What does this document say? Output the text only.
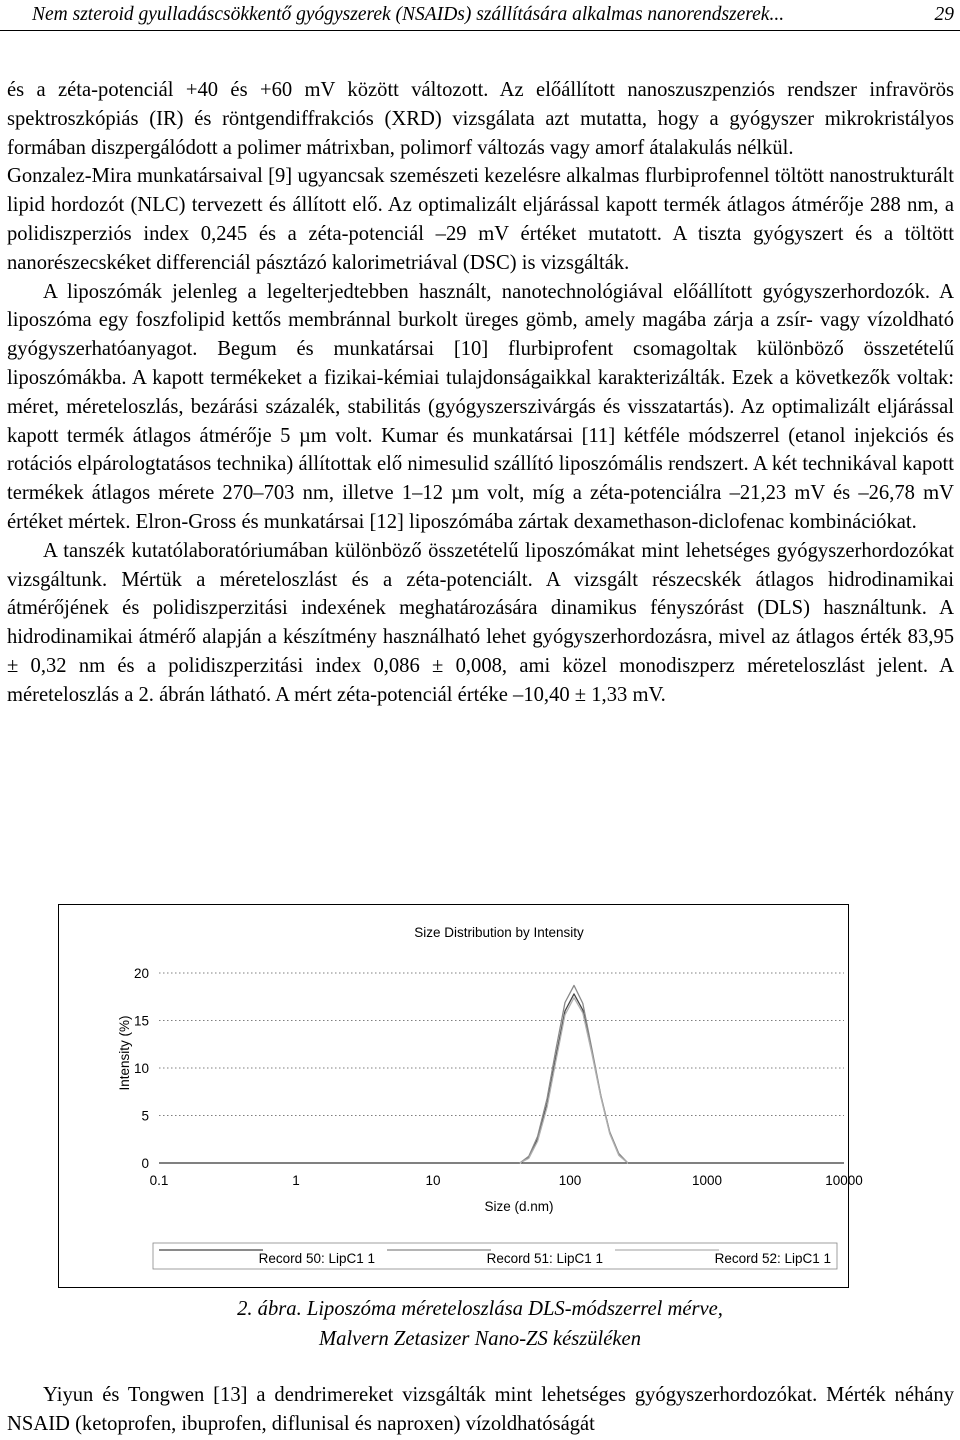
Nem szteroid gyulladáscsökkentő gyógyszerek (NSAIDs) szállítására alkalmas nanorendszerek...	29

és a zéta-potenciál +40 és +60 mV között változott. Az előállított nanoszuszpenziós rendszer infravörös spektroszkópiás (IR) és röntgendiffrakciós (XRD) vizsgálata azt mutatta, hogy a gyógyszer mikrokristályos formában diszpergálódott a polimer mátrixban, polimorf változás vagy amorf átalakulás nélkül.

Gonzalez-Mira munkatársaival [9] ugyancsak szemészeti kezelésre alkalmas flurbiprofennel töltött nanostrukturált lipid hordozót (NLC) tervezett és állított elő. Az optimalizált eljárással kapott termék átlagos átmérője 288 nm, a polidiszperziós index 0,245 és a zéta-potenciál –29 mV értéket mutatott. A tiszta gyógyszert és a töltött nanorészecskéket differenciál pásztázó kalorimetriával (DSC) is vizsgálták.

A liposzómák jelenleg a legelterjedtebben használt, nanotechnológiával előállított gyógyszerhordozók. A liposzóma egy foszfolipid kettős membránnal burkolt üreges gömb, amely magába zárja a zsír- vagy vízoldható gyógyszerhatóanyagot. Begum és munkatársai [10] flurbiprofent csomagoltak különböző összetételű liposzómákba. A kapott termékeket a fizikai-kémiai tulajdonságaikkal karakterizálták. Ezek a következők voltak: méret, méreteloszlás, bezárási százalék, stabilitás (gyógyszerszivárgás és visszatartás). Az optimalizált eljárással kapott termék átlagos átmérője 5 µm volt. Kumar és munkatársai [11] kétféle módszerrel (etanol injekciós és rotációs elpárologtatásos technika) állítottak elő nimesulid szállító liposzómális rendszert. A két technikával kapott termékek átlagos mérete 270–703 nm, illetve 1–12 µm volt, míg a zéta-potenciálra –21,23 mV és –26,78 mV értéket mértek. Elron-Gross és munkatársai [12] liposzómába zártak dexamethason-diclofenac kombinációkat.

A tanszék kutatólaboratóriumában különböző összetételű liposzómákat mint lehetséges gyógyszerhordozókat vizsgáltunk. Mértük a méreteloszlást és a zéta-potenciált. A vizsgált részecskék átlagos hidrodinamikai átmérőjének és polidiszperzitási indexének meghatározására dinamikus fényszórást (DLS) használtunk. A hidrodinamikai átmérő alapján a készítmény használható lehet gyógyszerhordozásra, mivel az átlagos érték 83,95 ± 0,32 nm és a polidiszperzitási index 0,086 ± 0,008, ami közel monodiszperz méreteloszlást jelent. A méreteloszlás a 2. ábrán látható. A mért zéta-potenciál értéke –10,40 ± 1,33 mV.

Size Distribution by Intensity
Intensity (%)
Size (d.nm)
0
5
10
15
20
0.1	1	10	100	1000	10000
Record 50: LipC1 1	Record 51: LipC1 1	Record 52: LipC1 1
2. ábra. Liposzóma méreteloszlása DLS-módszerrel mérve,
Malvern Zetasizer Nano-ZS készüléken

Yiyun és Tongwen [13] a dendrimereket vizsgálták mint lehetséges gyógyszerhordozókat. Mérték néhány NSAID (ketoprofen, ibuprofen, diflunisal és naproxen) vízoldhatóságát
